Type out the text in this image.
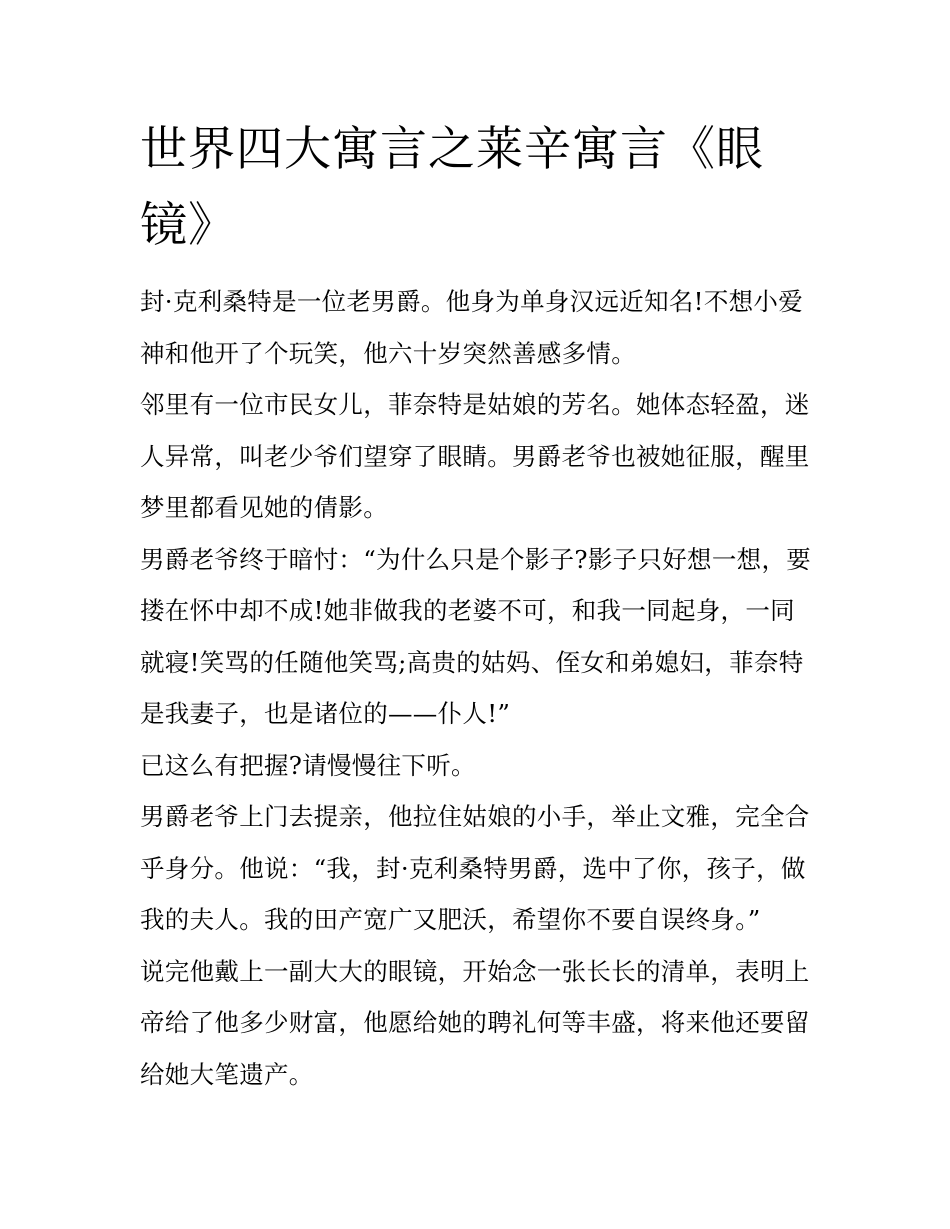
世界四大寓言之莱辛寓言《眼
镜》

封·克利桑特是一位老男爵。他身为单身汉远近知名!不想小爱
神和他开了个玩笑，他六十岁突然善感多情。

邻里有一位市民女儿，菲奈特是姑娘的芳名。她体态轻盈，迷
人异常，叫老少爷们望穿了眼睛。男爵老爷也被她征服，醒里
梦里都看见她的倩影。

男爵老爷终于暗忖：“为什么只是个影子?影子只好想一想，要
搂在怀中却不成!她非做我的老婆不可，和我一同起身，一同
就寝!笑骂的任随他笑骂;高贵的姑妈、侄女和弟媳妇，菲奈特
是我妻子，也是诸位的——仆人!”

已这么有把握?请慢慢往下听。

男爵老爷上门去提亲，他拉住姑娘的小手，举止文雅，完全合
乎身分。他说：“我，封·克利桑特男爵，选中了你，孩子，做
我的夫人。我的田产宽广又肥沃，希望你不要自误终身。”

说完他戴上一副大大的眼镜，开始念一张长长的清单，表明上
帝给了他多少财富，他愿给她的聘礼何等丰盛，将来他还要留
给她大笔遗产。
